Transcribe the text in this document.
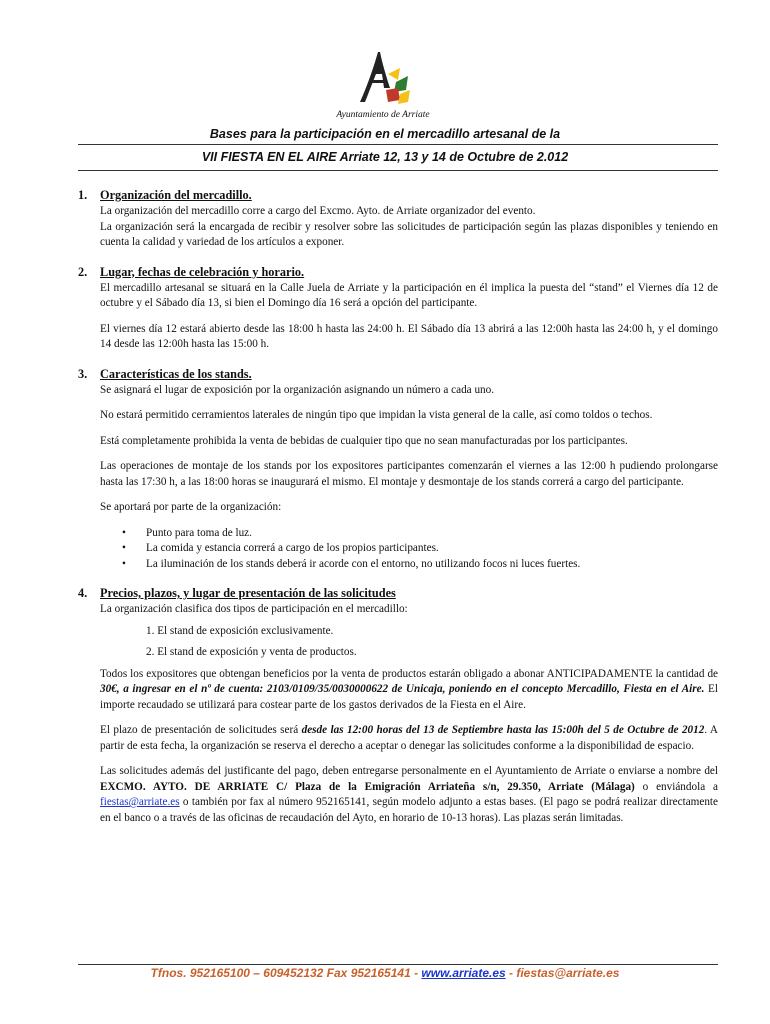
Ayuntamiento de Arriate
Bases para la participación en el mercadillo artesanal de la
VII FIESTA EN EL AIRE Arriate 12, 13 y 14 de Octubre de 2.012
1. Organización del mercadillo.
La organización del mercadillo corre a cargo del Excmo. Ayto. de Arriate organizador del evento.
La organización será la encargada de recibir y resolver sobre las solicitudes de participación según las plazas disponibles y teniendo en cuenta la calidad y variedad de los artículos a exponer.
2. Lugar, fechas de celebración y horario.
El mercadillo artesanal se situará en la Calle Juela de Arriate y la participación en él implica la puesta del “stand” el Viernes día 12 de octubre y el Sábado día 13, si bien el Domingo día 16 será a opción del participante.
El viernes día 12 estará abierto desde las 18:00 h hasta las 24:00 h. El Sábado día 13 abrirá a las 12:00h hasta las 24:00 h, y el domingo 14 desde las 12:00h hasta las 15:00 h.
3. Características de los stands.
Se asignará el lugar de exposición por la organización asignando un número a cada uno.
No estará permitido cerramientos laterales de ningún tipo que impidan la vista general de la calle, así como toldos o techos.
Está completamente prohibida la venta de bebidas de cualquier tipo que no sean manufacturadas por los participantes.
Las operaciones de montaje de los stands por los expositores participantes comenzarán el viernes a las 12:00 h pudiendo prolongarse hasta las 17:30 h, a las 18:00 horas se inaugurará el mismo. El montaje y desmontaje de los stands correrá a cargo del participante.
Se aportará por parte de la organización:
• Punto para toma de luz.
• La comida y estancia correrá a cargo de los propios participantes.
• La iluminación de los stands deberá ir acorde con el entorno, no utilizando focos ni luces fuertes.
4. Precios, plazos, y lugar de presentación de las solicitudes
La organización clasifica dos tipos de participación en el mercadillo:
1. El stand de exposición exclusivamente.
2. El stand de exposición y venta de productos.
Todos los expositores que obtengan beneficios por la venta de productos estarán obligado a abonar ANTICIPADAMENTE la cantidad de 30€, a ingresar en el nº de cuenta: 2103/0109/35/0030000622 de Unicaja, poniendo en el concepto Mercadillo, Fiesta en el Aire. El importe recaudado se utilizará para costear parte de los gastos derivados de la Fiesta en el Aire.
El plazo de presentación de solicitudes será desde las 12:00 horas del 13 de Septiembre hasta las 15:00h del 5 de Octubre de 2012. A partir de esta fecha, la organización se reserva el derecho a aceptar o denegar las solicitudes conforme a la disponibilidad de espacio.
Las solicitudes además del justificante del pago, deben entregarse personalmente en el Ayuntamiento de Arriate o enviarse a nombre del EXCMO. AYTO. DE ARRIATE C/ Plaza de la Emigración Arriateña s/n, 29.350, Arriate (Málaga) o enviándola a fiestas@arriate.es o también por fax al número 952165141, según modelo adjunto a estas bases. (El pago se podrá realizar directamente en el banco o a través de las oficinas de recaudación del Ayto, en horario de 10-13 horas). Las plazas serán limitadas.
Tfnos. 952165100 – 609452132 Fax 952165141 - www.arriate.es - fiestas@arriate.es
